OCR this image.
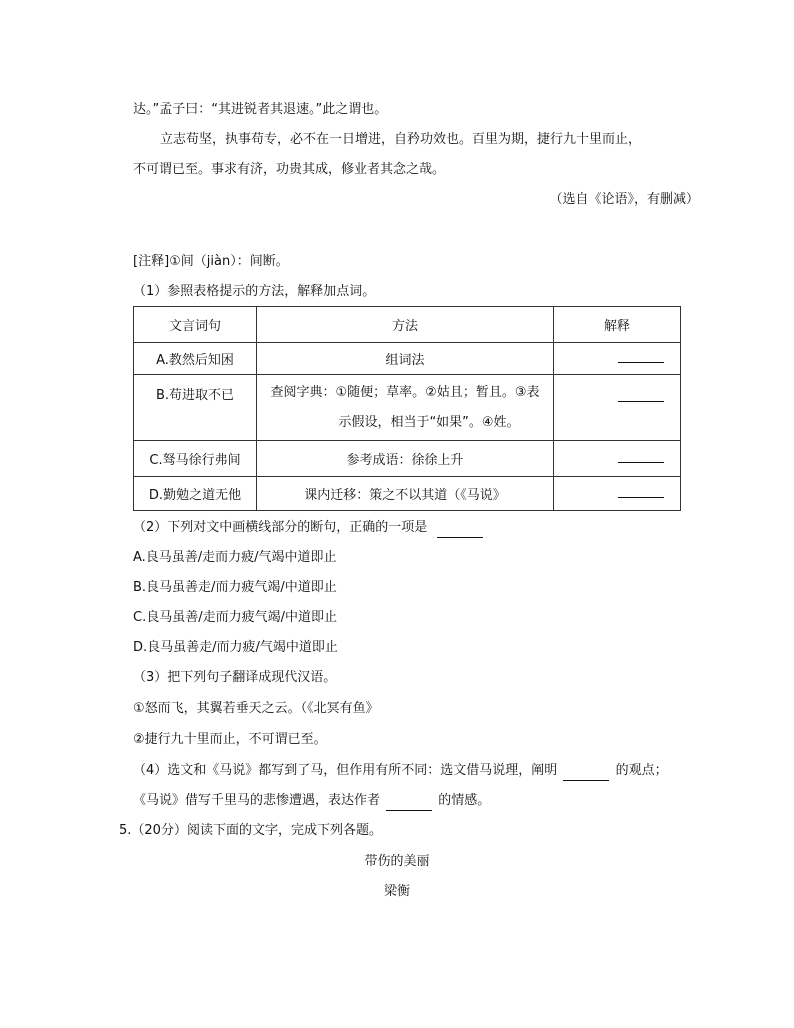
达。”孟子曰：“其进锐者其退速。”此之谓也。
立志苟坚，执事苟专，必不在一日增进，自矜功效也。百里为期，捷行九十里而止，
不可谓已至。事求有济，功贵其成，修业者其念之哉。
（选自《论语》，有删减）
[注释]①间（jiàn）：间断。
（1）参照表格提示的方法，解释加点词。
文言词句	方法	解释
A.教然后知困	组词法	
B.苟进取不已	查阅字典：①随便；草率。②姑且；暂且。③表
示假设，相当于“如果”。④姓。	

C.驽马徐行弗间	参考成语：徐徐上升	
D.勤勉之道无他	课内迁移：策之不以其道（《马说》	
（2）下列对文中画横线部分的断句，正确的一项是
A.良马虽善/走而力疲/气竭中道即止
B.良马虽善走/而力疲气竭/中道即止
C.良马虽善/走而力疲气竭/中道即止
D.良马虽善走/而力疲/气竭中道即止
（3）把下列句子翻译成现代汉语。
①怒而飞，其翼若垂天之云。（《北冥有鱼》
②捷行九十里而止，不可谓已至。
（4）选文和《马说》都写到了马，但作用有所不同：选文借马说理，阐明	的观点；
《马说》借写千里马的悲惨遭遇，表达作者	的情感。
5.（20分）阅读下面的文字，完成下列各题。
带伤的美丽
梁衡
